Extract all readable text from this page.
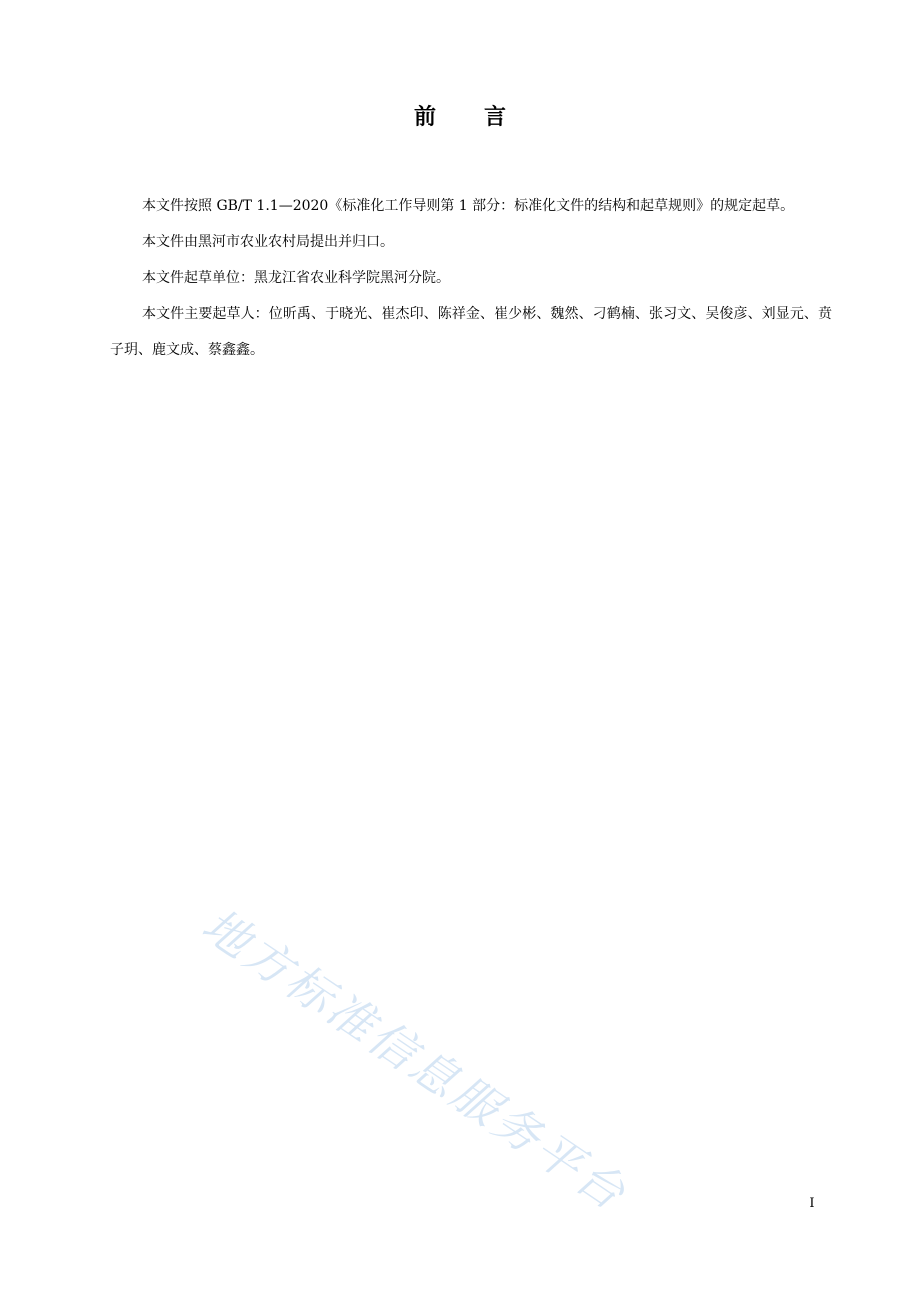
前言

本文件按照 GB/T 1.1—2020《标准化工作导则第 1 部分：标准化文件的结构和起草规则》的规定起草。

本文件由黑河市农业农村局提出并归口。

本文件起草单位：黑龙江省农业科学院黑河分院。

本文件主要起草人：位昕禹、于晓光、崔杰印、陈祥金、崔少彬、魏然、刁鹤楠、张习文、吴俊彦、刘显元、贲子玥、鹿文成、蔡鑫鑫。

地方标准信息服务平台	I
